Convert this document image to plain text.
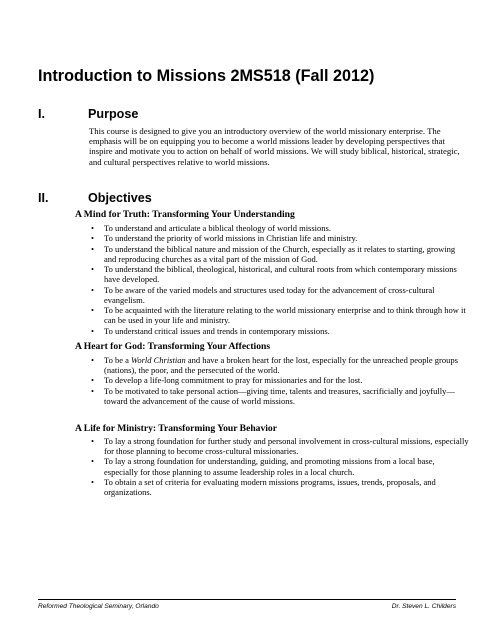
Introduction to Missions 2MS518 (Fall 2012)
I.	Purpose

This course is designed to give you an introductory overview of the world missionary enterprise. The emphasis will be on equipping you to become a world missions leader by developing perspectives that inspire and motivate you to action on behalf of world missions. We will study biblical, historical, strategic, and cultural perspectives relative to world missions.

II.	Objectives
A Mind for Truth: Transforming Your Understanding
• To understand and articulate a biblical theology of world missions.
• To understand the priority of world missions in Christian life and ministry.
• To understand the biblical nature and mission of the Church, especially as it relates to starting, growing and reproducing churches as a vital part of the mission of God.
• To understand the biblical, theological, historical, and cultural roots from which contemporary missions have developed.
• To be aware of the varied models and structures used today for the advancement of cross-cultural evangelism.
• To be acquainted with the literature relating to the world missionary enterprise and to think through how it can be used in your life and ministry.
• To understand critical issues and trends in contemporary missions.
A Heart for God: Transforming Your Affections
• To be a World Christian and have a broken heart for the lost, especially for the unreached people groups (nations), the poor, and the persecuted of the world.
• To develop a life-long commitment to pray for missionaries and for the lost.
• To be motivated to take personal action—giving time, talents and treasures, sacrificially and joyfully—toward the advancement of the cause of world missions.
A Life for Ministry: Transforming Your Behavior
• To lay a strong foundation for further study and personal involvement in cross-cultural missions, especially for those planning to become cross-cultural missionaries.
• To lay a strong foundation for understanding, guiding, and promoting missions from a local base, especially for those planning to assume leadership roles in a local church.
• To obtain a set of criteria for evaluating modern missions programs, issues, trends, proposals, and organizations.

Reformed Theological Seminary, Orlando	Dr. Steven L. Childers
